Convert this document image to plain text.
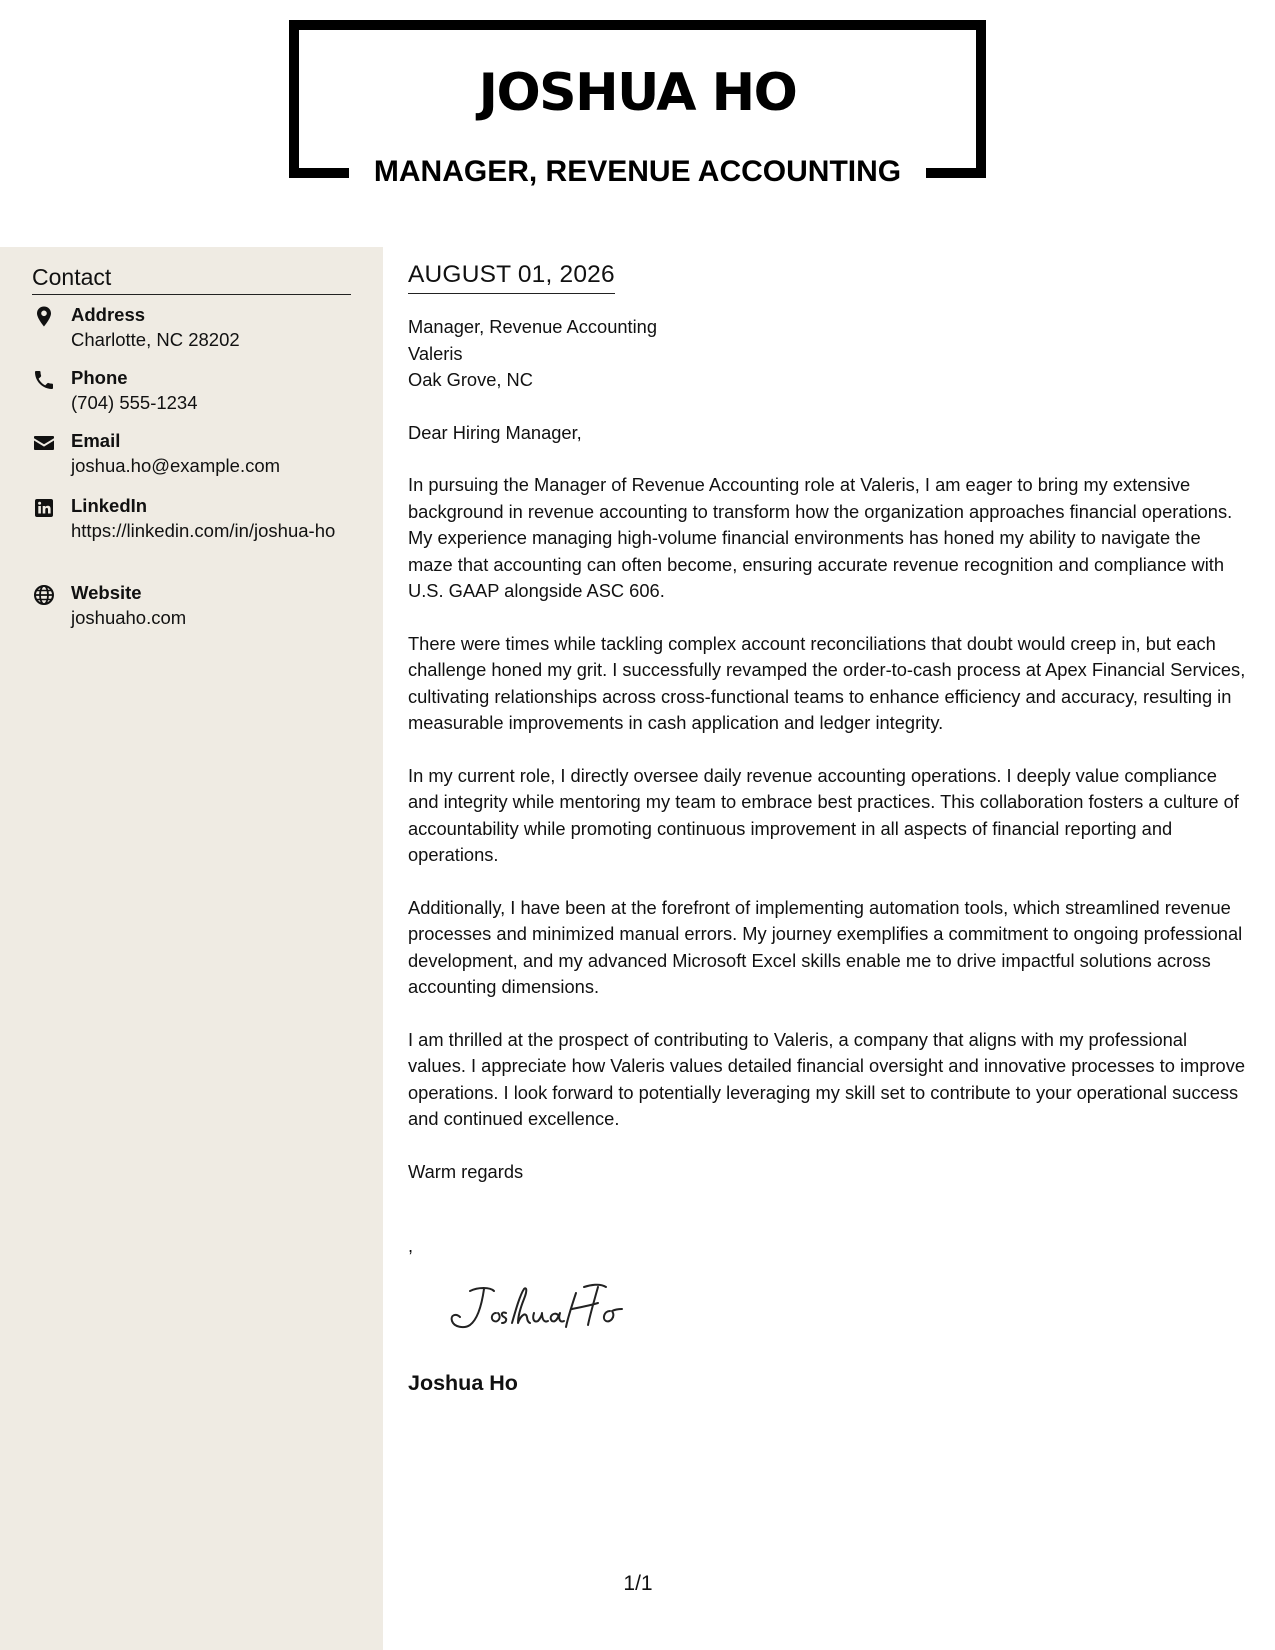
JOSHUA HO
MANAGER, REVENUE ACCOUNTING
Contact
Address
Charlotte, NC 28202
Phone
(704) 555-1234
Email
joshua.ho@example.com
LinkedIn
https://linkedin.com/in/joshua-ho
Website
joshuaho.com
AUGUST 01, 2026
Manager, Revenue Accounting
Valeris
Oak Grove, NC

Dear Hiring Manager,

In pursuing the Manager of Revenue Accounting role at Valeris, I am eager to bring my extensive background in revenue accounting to transform how the organization approaches financial operations. My experience managing high-volume financial environments has honed my ability to navigate the maze that accounting can often become, ensuring accurate revenue recognition and compliance with U.S. GAAP alongside ASC 606.

There were times while tackling complex account reconciliations that doubt would creep in, but each challenge honed my grit. I successfully revamped the order-to-cash process at Apex Financial Services, cultivating relationships across cross-functional teams to enhance efficiency and accuracy, resulting in measurable improvements in cash application and ledger integrity.

In my current role, I directly oversee daily revenue accounting operations. I deeply value compliance and integrity while mentoring my team to embrace best practices. This collaboration fosters a culture of accountability while promoting continuous improvement in all aspects of financial reporting and operations.

Additionally, I have been at the forefront of implementing automation tools, which streamlined revenue processes and minimized manual errors. My journey exemplifies a commitment to ongoing professional development, and my advanced Microsoft Excel skills enable me to drive impactful solutions across accounting dimensions.

I am thrilled at the prospect of contributing to Valeris, a company that aligns with my professional values. I appreciate how Valeris values detailed financial oversight and innovative processes to improve operations. I look forward to potentially leveraging my skill set to contribute to your operational success and continued excellence.

Warm regards

,
Joshua Ho
1/1
